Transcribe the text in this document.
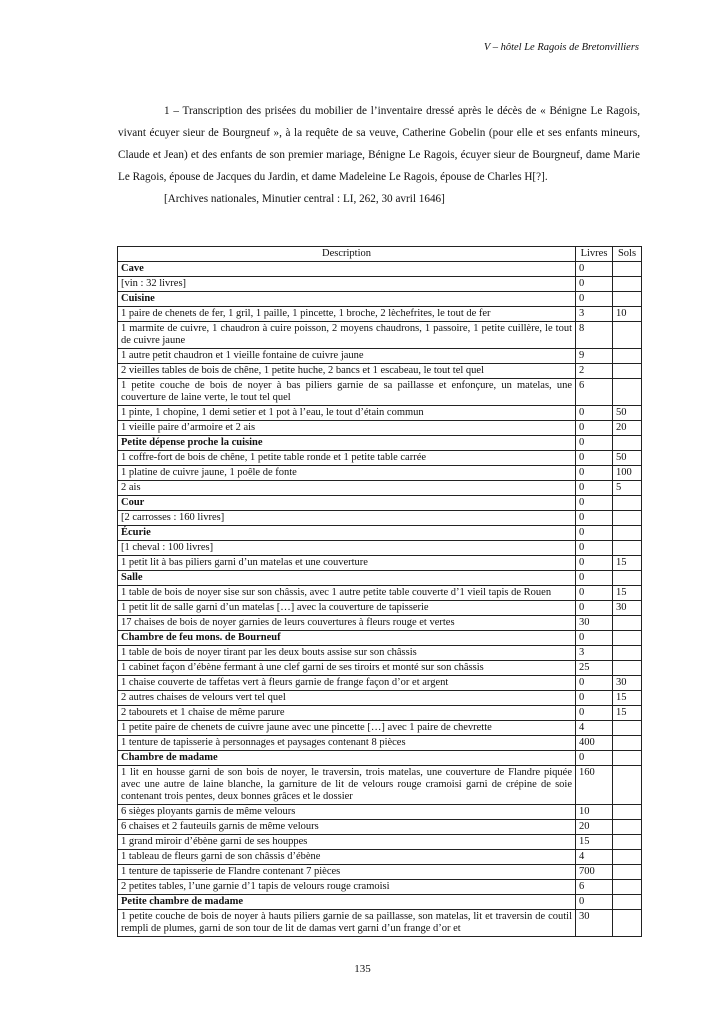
V – hôtel Le Ragois de Bretonvilliers

1 – Transcription des prisées du mobilier de l’inventaire dressé après le décès de « Bénigne Le Ragois, vivant écuyer sieur de Bourgneuf », à la requête de sa veuve, Catherine Gobelin (pour elle et ses enfants mineurs, Claude et Jean) et des enfants de son premier mariage, Bénigne Le Ragois, écuyer sieur de Bourgneuf, dame Marie Le Ragois, épouse de Jacques du Jardin, et dame Madeleine Le Ragois, épouse de Charles H[?].

[Archives nationales, Minutier central : LI, 262, 30 avril 1646]
Description	Livres	Sols
Cave	0	
[vin : 32 livres]	0	
Cuisine	0	
1 paire de chenets de fer, 1 gril, 1 paille, 1 pincette, 1 broche, 2 lèchefrites, le tout de fer	3	10
1 marmite de cuivre, 1 chaudron à cuire poisson, 2 moyens chaudrons, 1 passoire, 1 petite cuillère, le tout de cuivre jaune	8	
1 autre petit chaudron et 1 vieille fontaine de cuivre jaune	9	
2 vieilles tables de bois de chêne, 1 petite huche, 2 bancs et 1 escabeau, le tout tel quel	2	
1 petite couche de bois de noyer à bas piliers garnie de sa paillasse et enfonçure, un matelas, une couverture de laine verte, le tout tel quel	6	
1 pinte, 1 chopine, 1 demi setier et 1 pot à l’eau, le tout d’étain commun	0	50
1 vieille paire d’armoire et 2 ais	0	20
Petite dépense proche la cuisine	0	
1 coffre-fort de bois de chêne, 1 petite table ronde et 1 petite table carrée	0	50
1 platine de cuivre jaune, 1 poêle de fonte	0	100
2 ais	0	5
Cour	0	
[2 carrosses : 160 livres]	0	
Écurie	0	
[1 cheval : 100 livres]	0	
1 petit lit à bas piliers garni d’un matelas et une couverture	0	15
Salle	0	
1 table de bois de noyer sise sur son châssis, avec 1 autre petite table couverte d’1 vieil tapis de Rouen	0	15
1 petit lit de salle garni d’un matelas […] avec la couverture de tapisserie	0	30
17 chaises de bois de noyer garnies de leurs couvertures à fleurs rouge et vertes	30	
Chambre de feu mons. de Bourneuf	0	
1 table de bois de noyer tirant par les deux bouts assise sur son châssis	3	
1 cabinet façon d’ébène fermant à une clef garni de ses tiroirs et monté sur son châssis	25	
1 chaise couverte de taffetas vert à fleurs garnie de frange façon d’or et argent	0	30
2 autres chaises de velours vert tel quel	0	15
2 tabourets et 1 chaise de même parure	0	15
1 petite paire de chenets de cuivre jaune avec une pincette […] avec 1 paire de chevrette	4	
1 tenture de tapisserie à personnages et paysages contenant 8 pièces	400	
Chambre de madame	0	
1 lit en housse garni de son bois de noyer, le traversin, trois matelas, une couverture de Flandre piquée avec une autre de laine blanche, la garniture de lit de velours rouge cramoisi garni de crépine de soie contenant trois pentes, deux bonnes grâces et le dossier	160	
6 sièges ployants garnis de même velours	10	
6 chaises et 2 fauteuils garnis de même velours	20	
1 grand miroir d’ébène garni de ses houppes	15	
1 tableau de fleurs garni de son châssis d’ébène	4	
1 tenture de tapisserie de Flandre contenant 7 pièces	700	
2 petites tables, l’une garnie d’1 tapis de velours rouge cramoisi	6	
Petite chambre de madame	0	
1 petite couche de bois de noyer à hauts piliers garnie de sa paillasse, son matelas, lit et traversin de coutil rempli de plumes, garni de son tour de lit de damas vert garni d’un frange d’or et	30	
135
